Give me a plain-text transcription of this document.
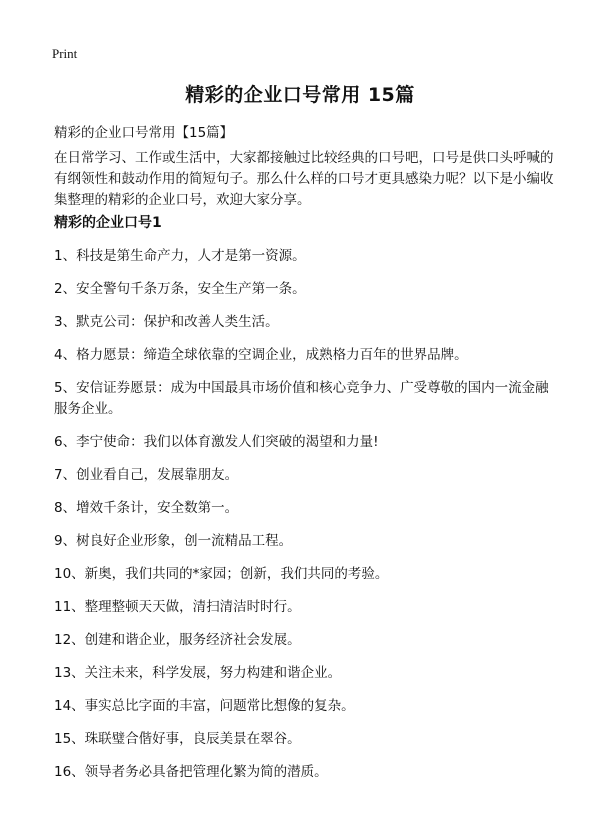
Print
精彩的企业口号常用 15篇
精彩的企业口号常用【15篇】
在日常学习、工作或生活中，大家都接触过比较经典的口号吧，口号是供口头呼喊的有纲领性和鼓动作用的简短句子。那么什么样的口号才更具感染力呢？以下是小编收集整理的精彩的企业口号，欢迎大家分享。
精彩的企业口号1
1、科技是第生命产力，人才是第一资源。
2、安全警句千条万条，安全生产第一条。
3、默克公司：保护和改善人类生活。
4、格力愿景：缔造全球依靠的空调企业，成熟格力百年的世界品牌。
5、安信证券愿景：成为中国最具市场价值和核心竞争力、广受尊敬的国内一流金融服务企业。
6、李宁使命：我们以体育激发人们突破的渴望和力量!
7、创业看自己，发展靠朋友。
8、增效千条计，安全数第一。
9、树良好企业形象，创一流精品工程。
10、新奥，我们共同的*家园；创新，我们共同的考验。
11、整理整顿天天做，清扫清洁时时行。
12、创建和谐企业，服务经济社会发展。
13、关注未来，科学发展，努力构建和谐企业。
14、事实总比字面的丰富，问题常比想像的复杂。
15、珠联璧合偕好事，良辰美景在翠谷。
16、领导者务必具备把管理化繁为简的潜质。
